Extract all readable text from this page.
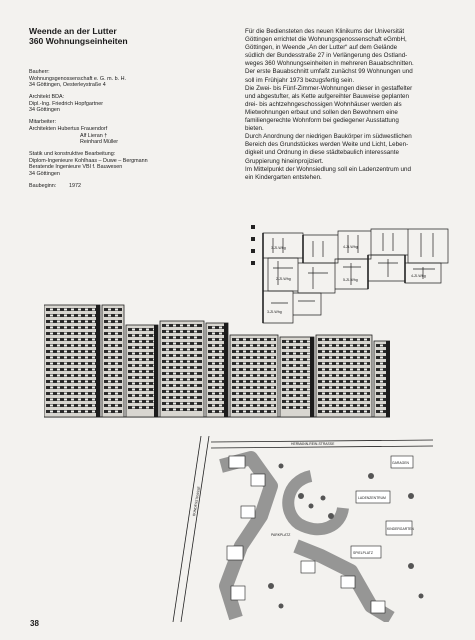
Weende an der Lutter
360 Wohnungseinheiten
Bauherr:
Wohnungsgenossenschaft e. G. m. b. H.
34 Göttingen, Oesterleystraße 4
Architekt BDA:
Dipl.-Ing. Friedrich Hopfgartner
34 Göttingen
Mitarbeiter:
Architekten Hubertus Frauendorf
Alf Lieran †
Reinhard Müller
Statik und konstruktive Bearbeitung:
Diplom-Ingenieure Kohlhaas – Duwe – Bergmann
Beratende Ingenieure VBI f. Bauwesen
34 Göttingen
Baubeginn:	1972

Für die Bediensteten des neuen Klinikums der Universität

Göttingen errichtet die Wohnungsgenossenschaft eGmbH,

Göttingen, in Weende „An der Lutter“ auf dem Gelände

südlich der Bundesstraße 27 in Verlängerung des Ostland-

weges 360 Wohnungseinheiten in mehreren Bauabschnitten.

Der erste Bauabschnitt umfaßt zunächst 99 Wohnungen und

soll im Frühjahr 1973 bezugsfertig sein.

Die Zwei- bis Fünf-Zimmer-Wohnungen dieser in gestaffelter

und abgestufter, als Kette aufgereihter Bauweise geplanten

drei- bis achtzehngeschossigen Wohnhäuser werden als

Mietwohnungen erbaut und sollen den Bewohnern eine

familiengerechte Wohnform bei gediegener Ausstattung

bieten.

Durch Anordnung der niedrigen Baukörper im südwestlichen

Bereich des Grundstückes werden Weite und Licht, Leben-

digkeit und Ordnung in diese städtebaulich interessante

Gruppierung hineinprojiziert.

Im Mittelpunkt der Wohnsiedlung soll ein Ladenzentrum und

ein Kindergarten entstehen.

3-Zi-Whg	4-Zi-Whg
2-Zi-Whg	5-Zi-Whg
4-Zi-Whg
3-Zi-Whg
HERMANN-REIN-STRASSE
BUNDESSTRASSE	LADENZENTRUM
KINDERGARTEN
SPIELPLATZ
GARAGEN
PARKPLATZ
38
